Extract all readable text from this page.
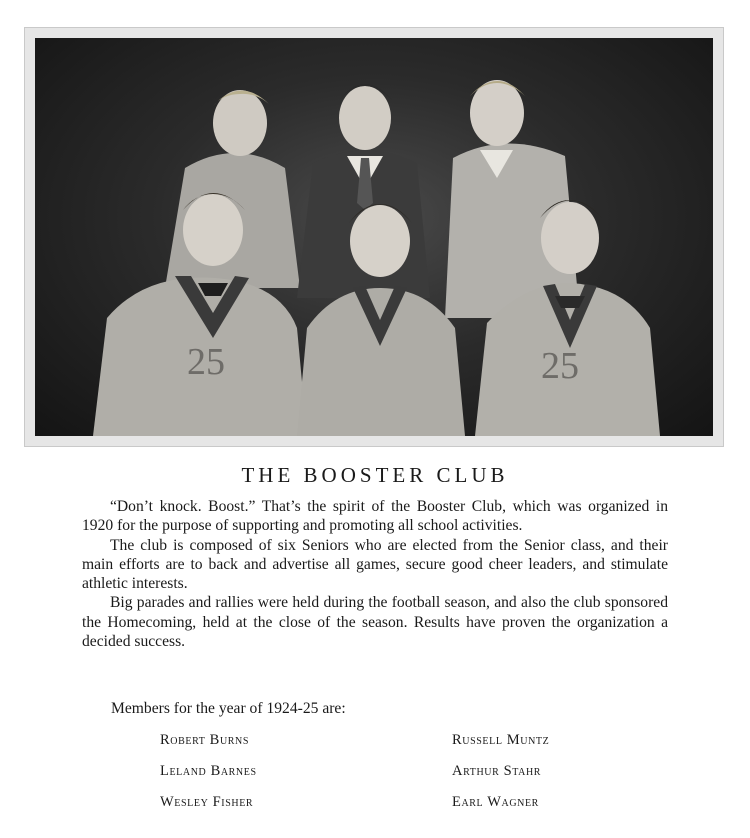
25	25
THE BOOSTER CLUB

“Don’t knock. Boost.” That’s the spirit of the Booster Club, which was organized in 1920 for the purpose of supporting and promoting all school activities.

The club is composed of six Seniors who are elected from the Senior class, and their main efforts are to back and advertise all games, secure good cheer leaders, and stimulate athletic interests.

Big parades and rallies were held during the football season, and also the club sponsored the Homecoming, held at the close of the season. Results have proven the organization a decided success.

Members for the year of 1924-25 are:
Robert Burns	Russell Muntz
Leland Barnes	Arthur Stahr
Wesley Fisher	Earl Wagner
